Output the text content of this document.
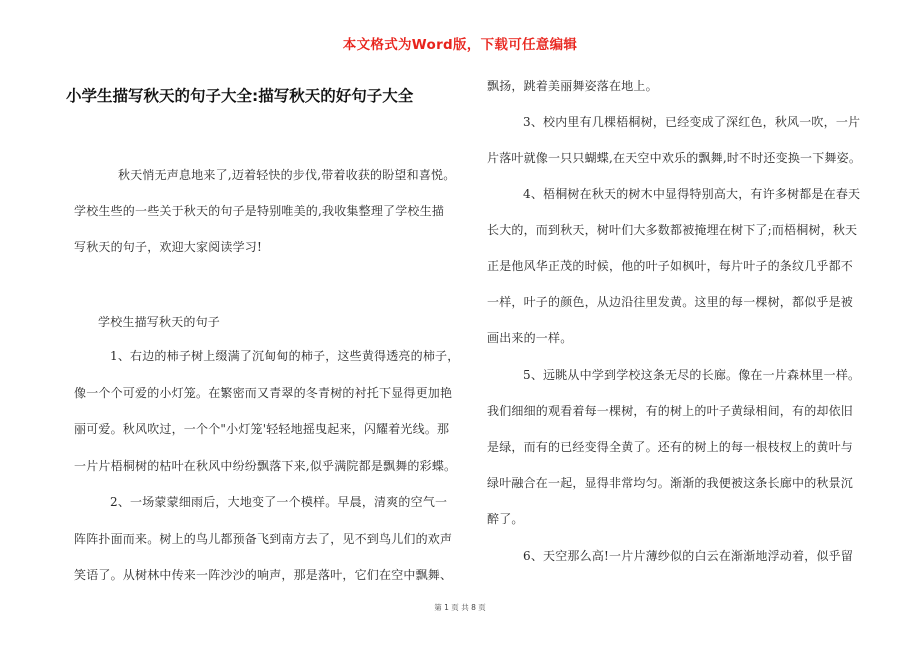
本文格式为Word版，下载可任意编辑
小学生描写秋天的句子大全:描写秋天的好句子大全
秋天悄无声息地来了,迈着轻快的步伐,带着收获的盼望和喜悦。
学校生些的一些关于秋天的句子是特别唯美的,我收集整理了学校生描
写秋天的句子，欢迎大家阅读学习!
学校生描写秋天的句子
1、右边的柿子树上缀满了沉甸甸的柿子，这些黄得透亮的柿子，
像一个个可爱的小灯笼。在繁密而又青翠的冬青树的衬托下显得更加艳
丽可爱。秋风吹过，一个个"小灯笼'轻轻地摇曳起来，闪耀着光线。那
一片片梧桐树的枯叶在秋风中纷纷飘落下来,似乎满院都是飘舞的彩蝶。
2、一场蒙蒙细雨后，大地变了一个模样。早晨，清爽的空气一
阵阵扑面而来。树上的鸟儿都预备飞到南方去了，见不到鸟儿们的欢声
笑语了。从树林中传来一阵沙沙的响声，那是落叶，它们在空中飘舞、
飘扬，跳着美丽舞姿落在地上。
3、校内里有几棵梧桐树，已经变成了深红色，秋风一吹，一片
片落叶就像一只只蝴蝶,在天空中欢乐的飘舞,时不时还变换一下舞姿。
4、梧桐树在秋天的树木中显得特别高大，有许多树都是在春天
长大的，而到秋天，树叶们大多数都被掩埋在树下了;而梧桐树，秋天
正是他风华正茂的时候，他的叶子如枫叶，每片叶子的条纹几乎都不
一样，叶子的颜色，从边沿往里发黄。这里的每一棵树，都似乎是被
画出来的一样。
5、远眺从中学到学校这条无尽的长廊。像在一片森林里一样。
我们细细的观看着每一棵树，有的树上的叶子黄绿相间，有的却依旧
是绿，而有的已经变得全黄了。还有的树上的每一根枝杈上的黄叶与
绿叶融合在一起，显得非常均匀。渐渐的我便被这条长廊中的秋景沉
醉了。
6、天空那么高!一片片薄纱似的白云在渐渐地浮动着，似乎留
第 1 页 共 8 页
